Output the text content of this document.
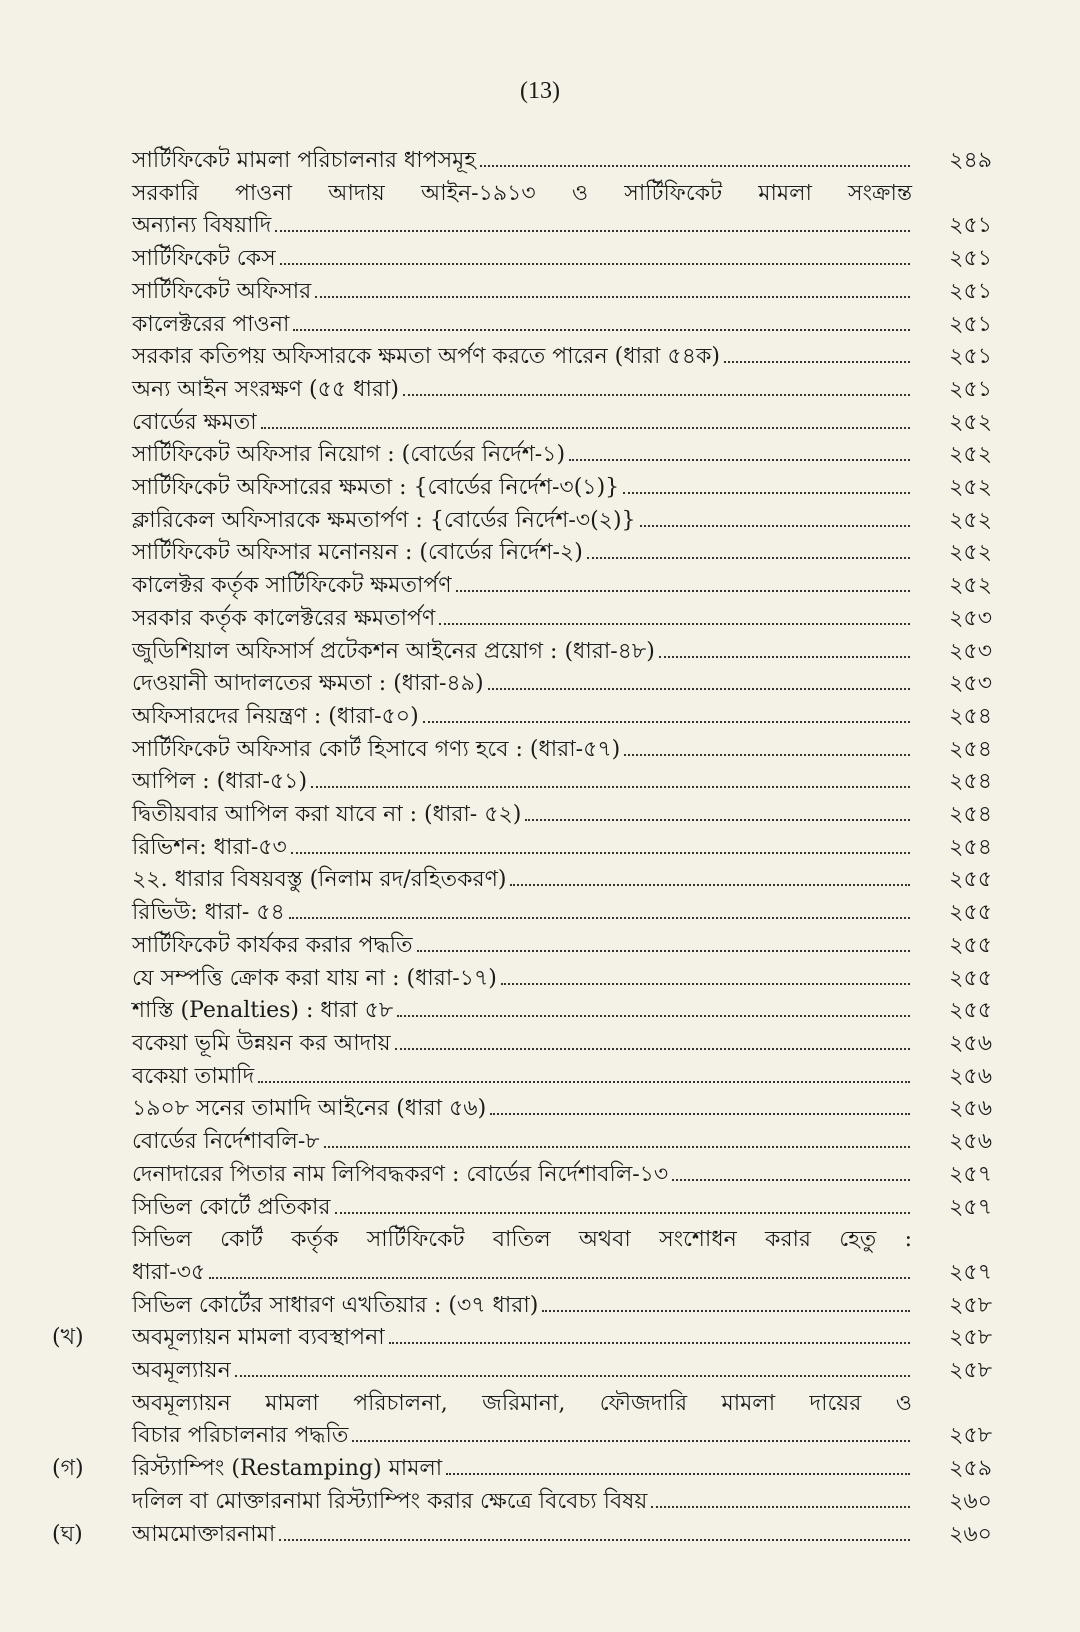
(13)
সার্টিফিকেট মামলা পরিচালনার ধাপসমূহ	২৪৯
সরকারি পাওনা আদায় আইন-১৯১৩ ও সার্টিফিকেট মামলা সংক্রান্ত
অন্যান্য বিষয়াদি	২৫১
সার্টিফিকেট কেস	২৫১
সার্টিফিকেট অফিসার	২৫১
কালেক্টরের পাওনা	২৫১
সরকার কতিপয় অফিসারকে ক্ষমতা অর্পণ করতে পারেন (ধারা ৫৪ক)	২৫১
অন্য আইন সংরক্ষণ (৫৫ ধারা)	২৫১
বোর্ডের ক্ষমতা	২৫২
সার্টিফিকেট অফিসার নিয়োগ : (বোর্ডের নির্দেশ-১)	২৫২
সার্টিফিকেট অফিসারের ক্ষমতা : {বোর্ডের নির্দেশ-৩(১)}	২৫২
ক্লারিকেল অফিসারকে ক্ষমতার্পণ : {বোর্ডের নির্দেশ-৩(২)}	২৫২
সার্টিফিকেট অফিসার মনোনয়ন : (বোর্ডের নির্দেশ-২)	২৫২
কালেক্টর কর্তৃক সার্টিফিকেট ক্ষমতার্পণ	২৫২
সরকার কর্তৃক কালেক্টরের ক্ষমতার্পণ	২৫৩
জুডিশিয়াল অফিসার্স প্রটেকশন আইনের প্রয়োগ : (ধারা-৪৮)	২৫৩
দেওয়ানী আদালতের ক্ষমতা : (ধারা-৪৯)	২৫৩
অফিসারদের নিয়ন্ত্রণ : (ধারা-৫০)	২৫৪
সার্টিফিকেট অফিসার কোর্ট হিসাবে গণ্য হবে : (ধারা-৫৭)	২৫৪
আপিল : (ধারা-৫১)	২৫৪
দ্বিতীয়বার আপিল করা যাবে না : (ধারা- ৫২)	২৫৪
রিভিশন: ধারা-৫৩	২৫৪
২২. ধারার বিষয়বস্তু (নিলাম রদ/রহিতকরণ)	২৫৫
রিভিউ: ধারা- ৫৪	২৫৫
সার্টিফিকেট কার্যকর করার পদ্ধতি	২৫৫
যে সম্পত্তি ক্রোক করা যায় না : (ধারা-১৭)	২৫৫
শাস্তি (Penalties) : ধারা ৫৮	২৫৫
বকেয়া ভূমি উন্নয়ন কর আদায়	২৫৬
বকেয়া তামাদি	২৫৬
১৯০৮ সনের তামাদি আইনের (ধারা ৫৬)	২৫৬
বোর্ডের নির্দেশাবলি-৮	২৫৬
দেনাদারের পিতার নাম লিপিবদ্ধকরণ : বোর্ডের নির্দেশাবলি-১৩	২৫৭
সিভিল কোর্টে প্রতিকার	২৫৭
সিভিল কোর্ট কর্তৃক সার্টিফিকেট বাতিল অথবা সংশোধন করার হেতু :
ধারা-৩৫	২৫৭
সিভিল কোর্টের সাধারণ এখতিয়ার : (৩৭ ধারা)	২৫৮
(খ) অবমূল্যায়ন মামলা ব্যবস্থাপনা	২৫৮
অবমূল্যায়ন	২৫৮
অবমূল্যায়ন মামলা পরিচালনা, জরিমানা, ফৌজদারি মামলা দায়ের ও
বিচার পরিচালনার পদ্ধতি	২৫৮
(গ) রিস্ট্যাম্পিং (Restamping) মামলা	২৫৯
দলিল বা মোক্তারনামা রিস্ট্যাম্পিং করার ক্ষেত্রে বিবেচ্য বিষয়	২৬০
(ঘ) আমমোক্তারনামা	২৬০
